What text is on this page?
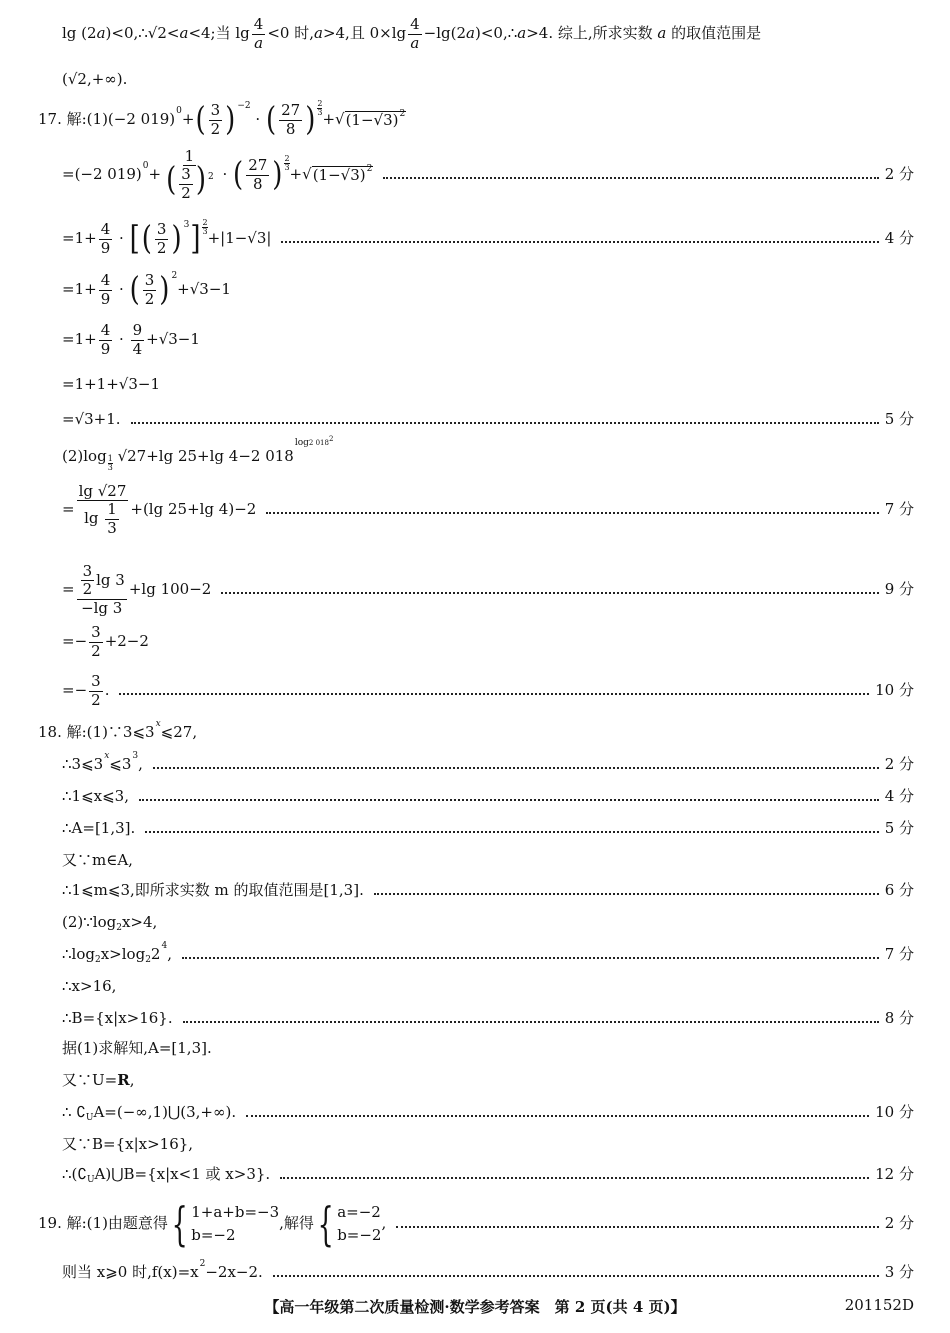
lg (2 a )<0,∴√2< a <4;当 $\lg \frac{4}{a} <0$ 时, a >4,且 $0\times\lg \frac{4}{a} -\lg(2$ a )<0,∴ a >4. 综上,所求实数
a
的取值范围是
(√2,+∞).
17. 解:(1)(−2 019) 0 + ( $\frac{3}{2}$ ) −2

·
( $\frac{27}{8}$ ) 2
3 + √ $(1-√3)^2$
=(−2 019) $0 + \frac{1}{( \frac{3}{2} ) ^2}$
·
( $\frac{27}{8}$ ) 2
3 + √ $(1-√3)^2$	2 分
$=1+ \frac{4}{9}$
·
[ ( $\frac{3}{2}$ ) 3 ] 2
3 +|1−√3|	4 分
$=1+ \frac{4}{9}$
·
( $\frac{3}{2}$ ) 2
+√3−1
$=1+ \frac{4}{9}$
·
$\frac{9}{4} +√3-1$
=1+1+√3−1
=√3+1.	5 分
(2)log 1
3

√27 +lg 25+lg 4−2 018
log2 $018^2$
= $\frac{\lg √27}{\lg \frac{1}{3}} +(\lg$ 25+lg 4)−2	7 分
= $\frac{\frac{3}{2} \lg 3}{-\lg 3} +\lg$ 100−2	9 分
=− $\frac{3}{2} +2-2$
=− $\frac{3}{2}$ .	10 分
18. 解:(1)∵3⩽3 x ⩽27,
∴3⩽3 x ⩽3 3 ,	2 分
∴1⩽x⩽3,	4 分
∴A=[1,3].	5 分
又∵m∈A,
∴1⩽m⩽3,即所求实数 m 的取值范围是[1,3].	6 分
(2)∵log 2 x>4,
∴log 2 x>log 2 2 4 ,	7 分
∴x>16,
∴B={x|x>16}.	8 分
据(1)求解知,A=[1,3].
又∵U= R ,
∴ ∁ U A=(−∞,1)⋃(3,+∞).	10 分
又∵B={x|x>16},
∴(∁ U A)⋃B={x|x<1 或 x>3}.	12 分
19. 解:(1)由题意得 { 1+a+b=−3
b=−2
,解得 { a=−2
b=−2
,	2 分
则当 x⩾0 时,f(x)=x 2 −2x−2.	3 分
【高一年级第二次质量检测·数学参考答案　第 2 页(共 4 页)】	201152D
